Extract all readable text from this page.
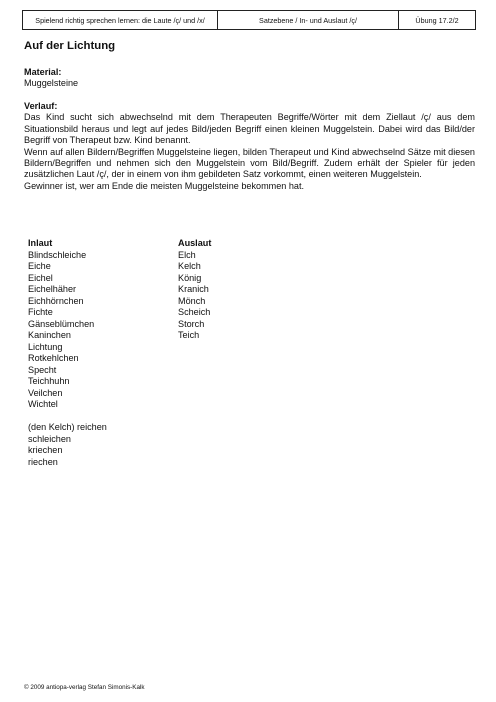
Spielend richtig sprechen lernen: die Laute /ç/ und /x/	Satzebene / In- und Auslaut /ç/	Übung 17.2/2
Auf der Lichtung
Material:
Muggelsteine
Verlauf:

Das Kind sucht sich abwechselnd mit dem Therapeuten Begriffe/Wörter mit dem Ziellaut /ç/ aus dem Situationsbild heraus und legt auf jedes Bild/jeden Begriff einen kleinen Muggelstein. Dabei wird das Bild/der Begriff von Therapeut bzw. Kind benannt.

Wenn auf allen Bildern/Begriffen Muggelsteine liegen, bilden Therapeut und Kind abwechselnd Sätze mit diesen Bildern/Begriffen und nehmen sich den Muggelstein vom Bild/Begriff. Zudem erhält der Spieler für jeden zusätzlichen Laut /ç/, der in einem von ihm gebildeten Satz vorkommt, einen weiteren Muggelstein.

Gewinner ist, wer am Ende die meisten Muggelsteine bekommen hat.

Inlaut
Blindschleiche
Eiche
Eichel
Eichelhäher
Eichhörnchen
Fichte
Gänseblümchen
Kaninchen
Lichtung
Rotkehlchen
Specht
Teichhuhn
Veilchen
Wichtel
(den Kelch) reichen
schleichen
kriechen
riechen
Auslaut
Elch
Kelch
König
Kranich
Mönch
Scheich
Storch
Teich
© 2009 antiopa-verlag Stefan Simonis-Kalk
